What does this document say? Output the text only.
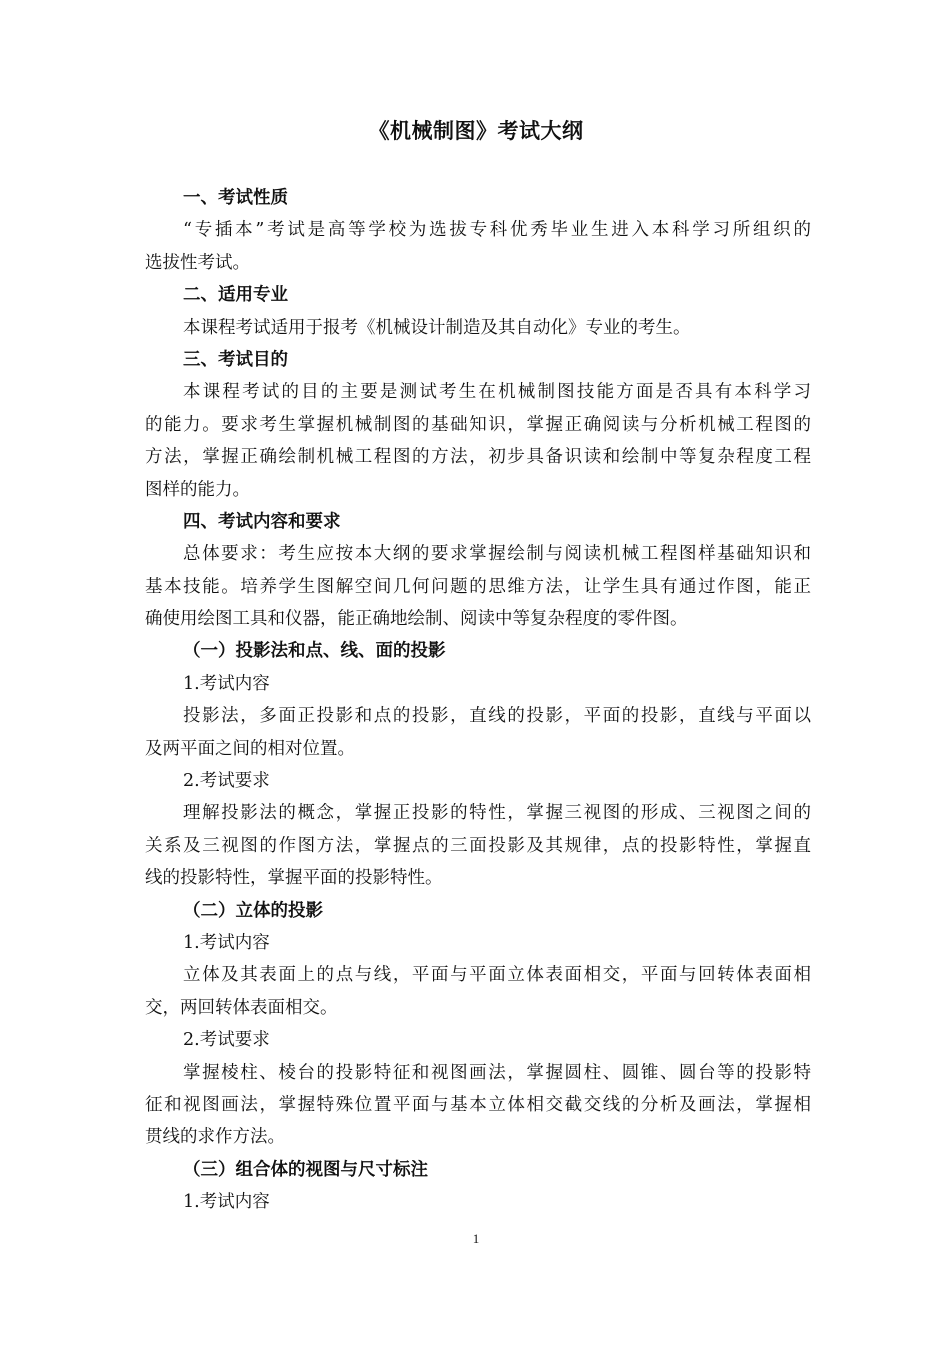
《机械制图》考试大纲

一、考试性质

“专插本”考试是高等学校为选拔专科优秀毕业生进入本科学习所组织的

选拔性考试。

二、适用专业

本课程考试适用于报考《机械设计制造及其自动化》专业的考生。

三、考试目的

本课程考试的目的主要是测试考生在机械制图技能方面是否具有本科学习

的能力。要求考生掌握机械制图的基础知识，掌握正确阅读与分析机械工程图的

方法，掌握正确绘制机械工程图的方法，初步具备识读和绘制中等复杂程度工程

图样的能力。

四、考试内容和要求

总体要求：考生应按本大纲的要求掌握绘制与阅读机械工程图样基础知识和

基本技能。培养学生图解空间几何问题的思维方法，让学生具有通过作图，能正

确使用绘图工具和仪器，能正确地绘制、阅读中等复杂程度的零件图。

（一）投影法和点、线、面的投影

1.考试内容

投影法，多面正投影和点的投影，直线的投影，平面的投影，直线与平面以

及两平面之间的相对位置。

2.考试要求

理解投影法的概念，掌握正投影的特性，掌握三视图的形成、三视图之间的

关系及三视图的作图方法，掌握点的三面投影及其规律，点的投影特性，掌握直

线的投影特性，掌握平面的投影特性。

（二）立体的投影

1.考试内容

立体及其表面上的点与线，平面与平面立体表面相交，平面与回转体表面相

交，两回转体表面相交。

2.考试要求

掌握棱柱、棱台的投影特征和视图画法，掌握圆柱、圆锥、圆台等的投影特

征和视图画法，掌握特殊位置平面与基本立体相交截交线的分析及画法，掌握相

贯线的求作方法。

（三）组合体的视图与尺寸标注

1.考试内容

1
